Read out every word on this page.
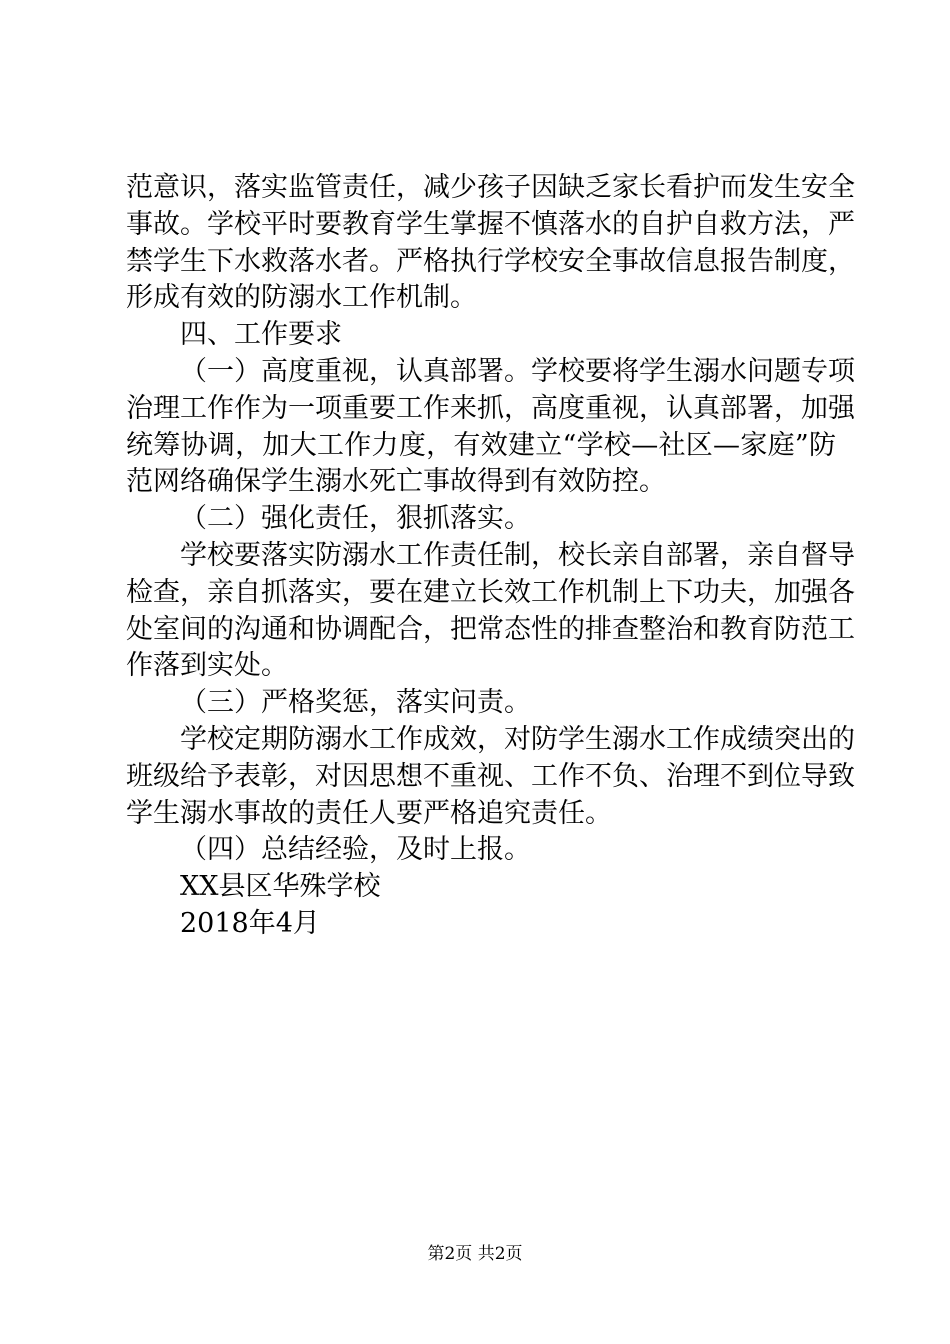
范意识，落实监管责任，减少孩子因缺乏家长看护而发生安全
事故。学校平时要教育学生掌握不慎落水的自护自救方法，严
禁学生下水救落水者。严格执行学校安全事故信息报告制度，
形成有效的防溺水工作机制。
四、工作要求
（一）高度重视，认真部署。学校要将学生溺水问题专项
治理工作作为一项重要工作来抓，高度重视，认真部署，加强
统筹协调，加大工作力度，有效建立“学校—社区—家庭”防
范网络确保学生溺水死亡事故得到有效防控。
（二）强化责任，狠抓落实。
学校要落实防溺水工作责任制，校长亲自部署，亲自督导
检查，亲自抓落实，要在建立长效工作机制上下功夫，加强各
处室间的沟通和协调配合，把常态性的排查整治和教育防范工
作落到实处。
（三）严格奖惩，落实问责。
学校定期防溺水工作成效，对防学生溺水工作成绩突出的
班级给予表彰，对因思想不重视、工作不负、治理不到位导致
学生溺水事故的责任人要严格追究责任。
（四）总结经验，及时上报。
XX县区华殊学校
2018年4月
第2页 共2页
